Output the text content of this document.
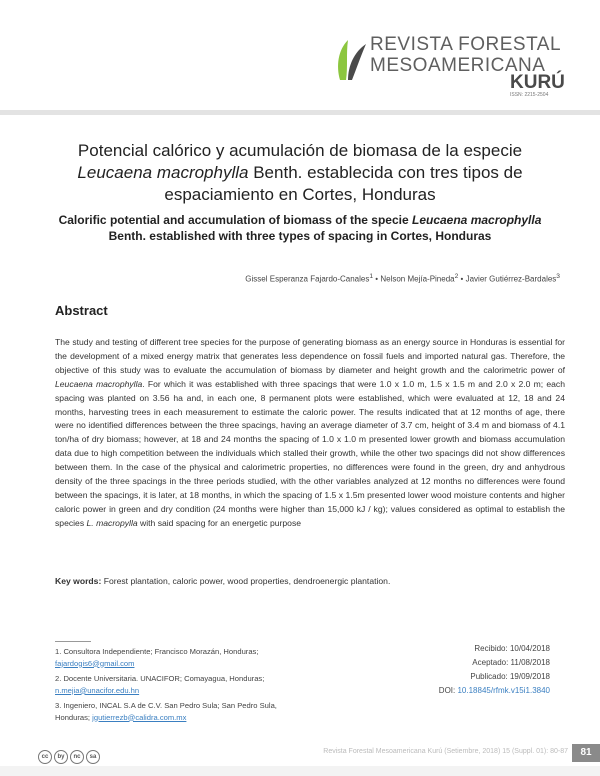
REVISTA FORESTAL
MESOAMERICANA
KURÚ
ISSN: 2215-2504
Potencial calórico y acumulación de biomasa de la especie
Leucaena macrophylla Benth. establecida con tres tipos de espaciamiento en Cortes, Honduras
Calorific potential and accumulation of biomass of the specie Leucaena macrophylla
Benth. established with three types of spacing in Cortes, Honduras
Gissel Esperanza Fajardo-Canales$^1$ • Nelson Mejía-Pineda$^2$ • Javier Gutiérrez-Bardales$^3$
Abstract
The study and testing of different tree species for the purpose of generating biomass as an energy source in Honduras is essential for the development of a mixed energy matrix that generates less dependence on fossil fuels and imported natural gas. Therefore, the objective of this study was to evaluate the accumulation of biomass by diameter and height growth and the calorimetric power of Leucaena macrophylla. For which it was established with three spacings that were 1.0 x 1.0 m, 1.5 x 1.5 m and 2.0 x 2.0 m; each spacing was planted on 3.56 ha and, in each one, 8 permanent plots were established, which were evaluated at 12, 18 and 24 months, harvesting trees in each measurement to estimate the caloric power. The results indicated that at 12 months of age, there were no identified differences between the three spacings, having an average diameter of 3.7 cm, height of 3.4 m and biomass of 4.1 ton/ha of dry biomass; however, at 18 and 24 months the spacing of 1.0 x 1.0 m presented lower growth and biomass accumulation data due to high competition between the individuals which stalled their growth, while the other two spacings did not show differences between them. In the case of the physical and calorimetric properties, no differences were found in the green, dry and anhydrous density of the three spacings in the three periods studied, with the other variables analyzed at 12 months no differences were found between the spacings, it is later, at 18 months, in which the spacing of 1.5 x 1.5m presented lower wood moisture contents and higher caloric power in green and dry condition (24 months were higher than 15,000 kJ / kg); values considered as optimal to establish the species L. macropylla with said spacing for an energetic purpose
Key words: Forest plantation, caloric power, wood properties, dendroenergic plantation.
1. Consultora Independiente; Francisco Morazán, Honduras;
fajardogis6@gmail.com
2. Docente Universitaria. UNACIFOR; Comayagua, Honduras;
n.mejia@unacifor.edu.hn
3. Ingeniero, INCAL S.A de C.V. San Pedro Sula; San Pedro Sula, Honduras; jgutierrezb@calidra.com.mx
Recibido: 10/04/2018
Aceptado: 11/08/2018
Publicado: 19/09/2018
DOI: 10.18845/rfmk.v15i1.3840
cc by nc sa
Revista Forestal Mesoamericana Kurú (Setiembre, 2018) 15 (Suppl. 01): 80-87	81
